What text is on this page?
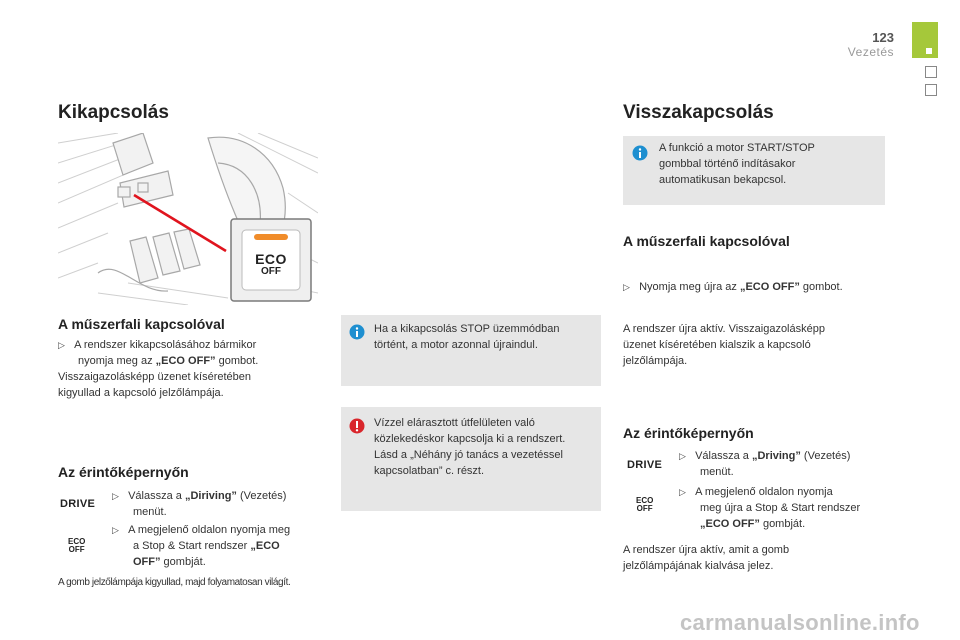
123
Vezetés
Kikapcsolás
ECO
OFF
A műszerfali kapcsolóval
▷ A rendszer kikapcsolásához bármikor
nyomja meg az „ECO OFF” gombot.
Visszaigazolásképp üzenet kíséretében
kigyullad a kapcsoló jelzőlámpája.
Az érintőképernyőn
DRIVE
▷ Válassza a „Diriving” (Vezetés)
menüt.
ECO
OFF
▷ A megjelenő oldalon nyomja meg
a Stop & Start rendszer „ECO
OFF” gombját.
A gomb jelzőlámpája kigyullad, majd folyamatosan világít.
Ha a kikapcsolás STOP üzemmódban
történt, a motor azonnal újraindul.
Vízzel elárasztott útfelületen való
közlekedéskor kapcsolja ki a rendszert.
Lásd a „Néhány jó tanács a vezetéssel
kapcsolatban” c. részt.
Visszakapcsolás
A funkció a motor START/STOP
gombbal történő indításakor
automatikusan bekapcsol.
A műszerfali kapcsolóval
▷ Nyomja meg újra az „ECO OFF” gombot.
A rendszer újra aktív. Visszaigazolásképp
üzenet kíséretében kialszik a kapcsoló
jelzőlámpája.
Az érintőképernyőn
DRIVE
▷ Válassza a „Driving” (Vezetés)
menüt.
ECO
OFF
▷ A megjelenő oldalon nyomja
meg újra a Stop & Start rendszer
„ECO OFF” gombját.
A rendszer újra aktív, amit a gomb
jelzőlámpájának kialvása jelez.
carmanualsonline.info
